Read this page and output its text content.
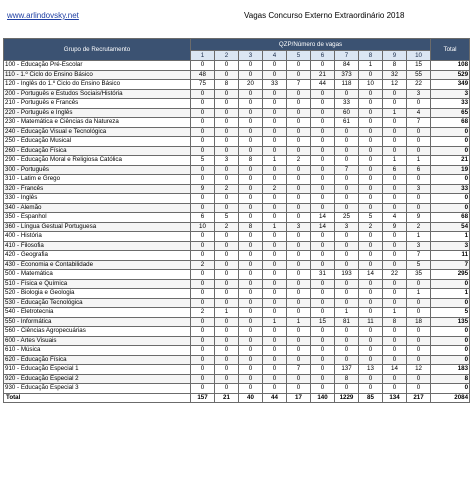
www.arlindovsky.net	Vagas Concurso Externo Extraordinário 2018
Grupo de Recrutamento	QZP/Número de vagas										Total
	1	2	3	4	5	6	7	8	9	10	
100 - Educação Pré-Escolar	0	0	0	0	0	0	84	1	8	15	108
110 - 1.º Ciclo do Ensino Básico	48	0	0	0	0	21	373	0	32	55	529
120 - Inglês do 1.º Ciclo do Ensino Básico	75	8	20	33	7	44	118	10	12	22	349
200 - Português e Estudos Sociais/História	0	0	0	0	0	0	0	0	0	3	3
210 - Português e Francês	0	0	0	0	0	0	33	0	0	0	33
220 - Português e Inglês	0	0	0	0	0	0	60	0	1	4	65
230 - Matemática e Ciências da Natureza	0	0	0	0	0	0	61	0	0	7	68
240 - Educação Visual e Tecnológica	0	0	0	0	0	0	0	0	0	0	0
250 - Educação Musical	0	0	0	0	0	0	0	0	0	0	0
260 - Educação Física	0	0	0	0	0	0	0	0	0	0	0
290 - Educação Moral e Religiosa Católica	5	3	8	1	2	0	0	0	1	1	21
300 - Português	0	0	0	0	0	0	7	0	6	6	19
310 - Latim e Grego	0	0	0	0	0	0	0	0	0	0	0
320 - Francês	9	2	0	2	0	0	0	0	0	3	33
330 - Inglês	0	0	0	0	0	0	0	0	0	0	0
340 - Alemão	0	0	0	0	0	0	0	0	0	0	0
350 - Espanhol	6	5	0	0	0	14	25	5	4	9	68
360 - Língua Gestual Portuguesa	10	2	8	1	3	14	3	2	9	2	54
400 - História	0	0	0	0	0	0	0	0	0	1	1
410 - Filosofia	0	0	0	0	0	0	0	0	0	3	3
420 - Geografia	0	0	0	0	0	0	0	0	0	7	11
430 - Economia e Contabilidade	2	0	0	0	0	0	0	0	0	5	7
500 - Matemática	0	0	0	0	0	31	193	14	22	35	295
510 - Física e Química	0	0	0	0	0	0	0	0	0	0	0
520 - Biologia e Geologia	0	0	0	0	0	0	0	0	0	1	1
530 - Educação Tecnológica	0	0	0	0	0	0	0	0	0	0	0
540 - Eletrotecnia	2	1	0	0	0	0	1	0	1	0	5
550 - Informática	0	0	0	1	1	15	81	11	8	18	135
560 - Ciências Agropecuárias	0	0	0	0	0	0	0	0	0	0	0
600 - Artes Visuais	0	0	0	0	0	0	0	0	0	0	0
610 - Música	0	0	0	0	0	0	0	0	0	0	0
620 - Educação Física	0	0	0	0	0	0	0	0	0	0	0
910 - Educação Especial 1	0	0	0	0	7	0	137	13	14	12	183
920 - Educação Especial 2	0	0	0	0	0	0	8	0	0	0	8
930 - Educação Especial 3	0	0	0	0	0	0	0	0	0	0	0
Total	157	21	40	44	17	140	1229	85	134	217	2084
